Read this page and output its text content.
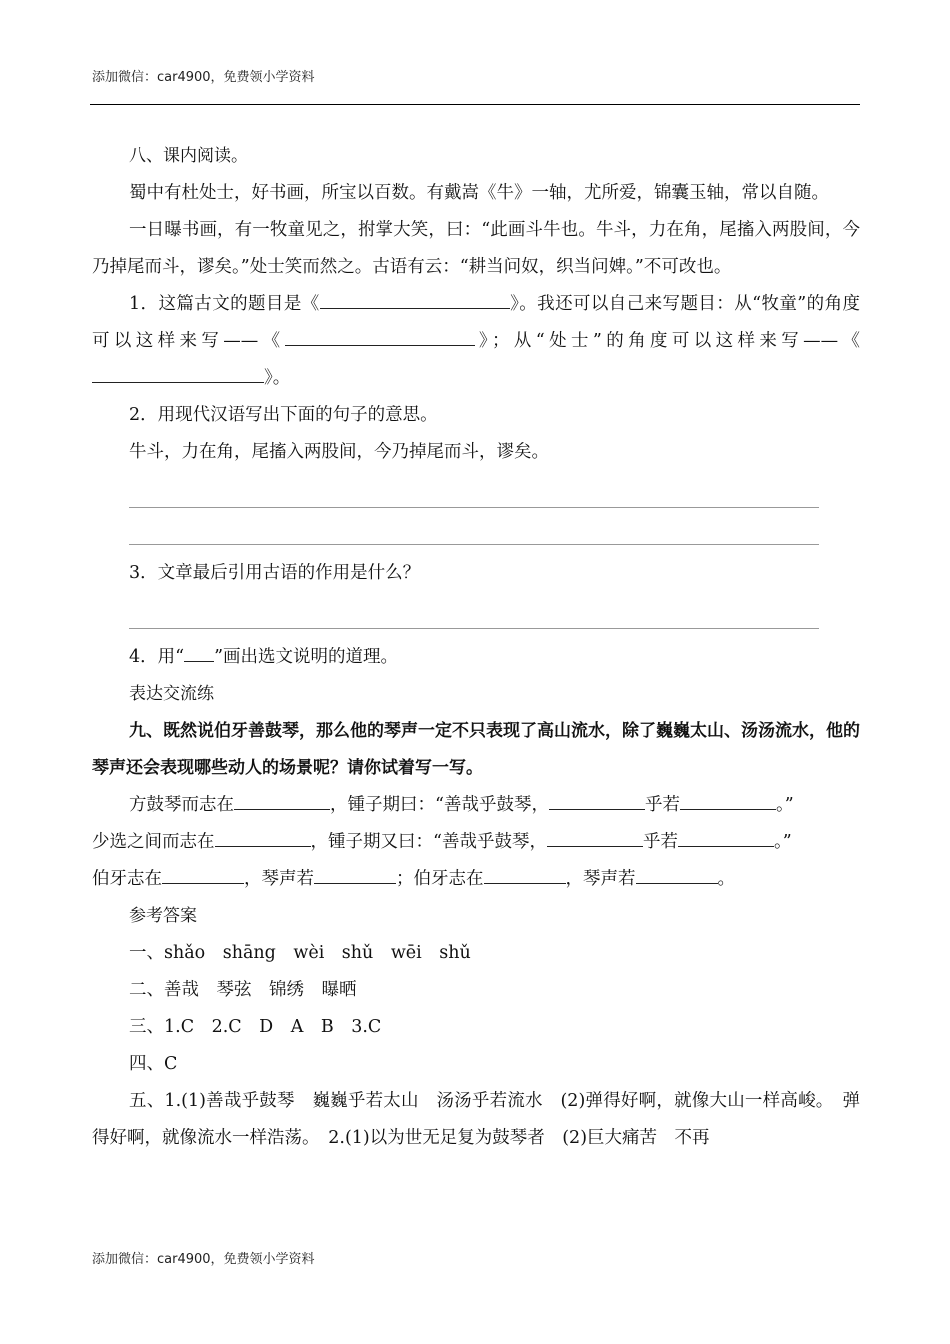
添加微信：car4900，免费领小学资料

八、课内阅读。

蜀中有杜处士，好书画，所宝以百数。有戴嵩《牛》一轴，尤所爱，锦囊玉轴，常以自随。

一日曝书画，有一牧童见之，拊掌大笑，曰：“此画斗牛也。牛斗，力在角，尾搐入两股间，今乃掉尾而斗，谬矣。”处士笑而然之。古语有云：“耕当问奴，织当问婢。”不可改也。

1．这篇古文的题目是《	》。我还可以自己来写题目：从“牧童”的角度可以这样来写——《	》；从“处士”的角度可以这样来写——《》。

2．用现代汉语写出下面的句子的意思。

牛斗，力在角，尾搐入两股间，今乃掉尾而斗，谬矣。

3．文章最后引用古语的作用是什么？

4．用“ ”画出选文说明的道理。

表达交流练

九、既然说伯牙善鼓琴，那么他的琴声一定不只表现了高山流水，除了巍巍太山、汤汤流水，他的琴声还会表现哪些动人的场景呢？请你试着写一写。

方鼓琴而志在	，锺子期曰：“善哉乎鼓琴，	乎若	。”

少选之间而志在	，锺子期又曰：“善哉乎鼓琴，	乎若	。”

伯牙志在	，琴声若	；伯牙志在	，琴声若	。

参考答案

一、shǎo　shāng　wèi　shǔ　wēi　shǔ

二、善哉　琴弦　锦绣　曝晒

三、1.C　2.C　D　A　B　3.C

四、C

五、1.(1)善哉乎鼓琴　巍巍乎若太山　汤汤乎若流水　(2)弹得好啊，就像大山一样高峻。　弹得好啊，就像流水一样浩荡。　2.(1)以为世无足复为鼓琴者　(2)巨大痛苦　不再

添加微信：car4900，免费领小学资料
